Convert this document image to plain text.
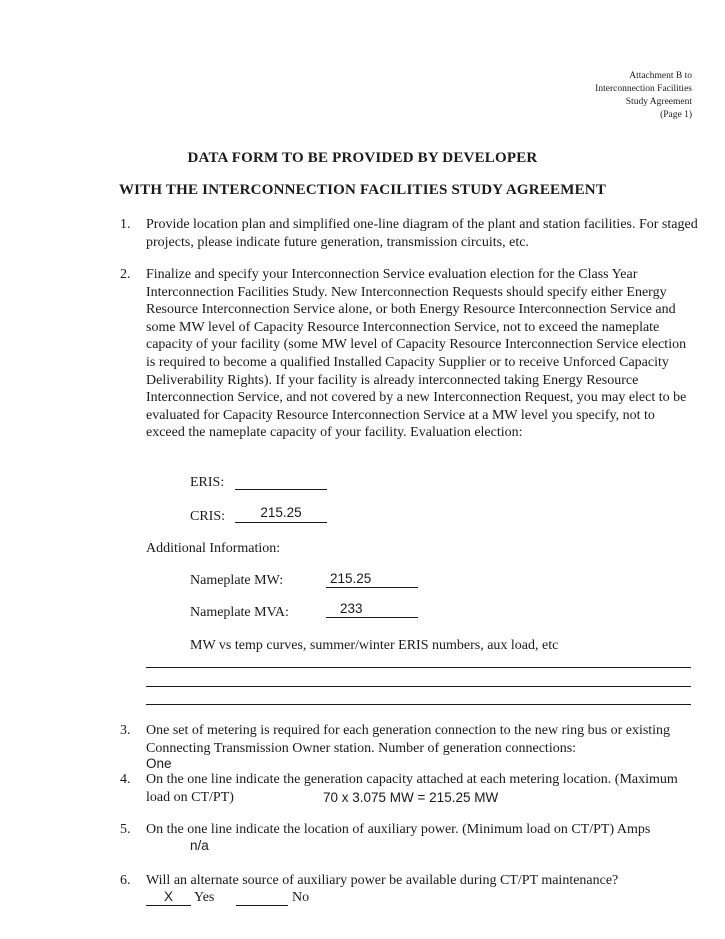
Attachment B to
Interconnection Facilities
Study Agreement
(Page 1)
DATA FORM TO BE PROVIDED BY DEVELOPER
WITH THE INTERCONNECTION FACILITIES STUDY AGREEMENT
1. Provide location plan and simplified one-line diagram of the plant and station facilities. For staged projects, please indicate future generation, transmission circuits, etc.
2. Finalize and specify your Interconnection Service evaluation election for the Class Year Interconnection Facilities Study. New Interconnection Requests should specify either Energy Resource Interconnection Service alone, or both Energy Resource Interconnection Service and some MW level of Capacity Resource Interconnection Service, not to exceed the nameplate capacity of your facility (some MW level of Capacity Resource Interconnection Service election is required to become a qualified Installed Capacity Supplier or to receive Unforced Capacity Deliverability Rights). If your facility is already interconnected taking Energy Resource Interconnection Service, and not covered by a new Interconnection Request, you may elect to be evaluated for Capacity Resource Interconnection Service at a MW level you specify, not to exceed the nameplate capacity of your facility. Evaluation election:
ERIS:
CRIS:	215.25
Additional Information:
Nameplate MW:	215.25
Nameplate MVA:	233
MW vs temp curves, summer/winter ERIS numbers, aux load, etc
3. One set of metering is required for each generation connection to the new ring bus or existing Connecting Transmission Owner station. Number of generation connections:
One
4. On the one line indicate the generation capacity attached at each metering location. (Maximum load on CT/PT)	70 x 3.075 MW = 215.25 MW
5. On the one line indicate the location of auxiliary power. (Minimum load on CT/PT) Amps
n/a
6. Will an alternate source of auxiliary power be available during CT/PT maintenance?
X	Yes	No
